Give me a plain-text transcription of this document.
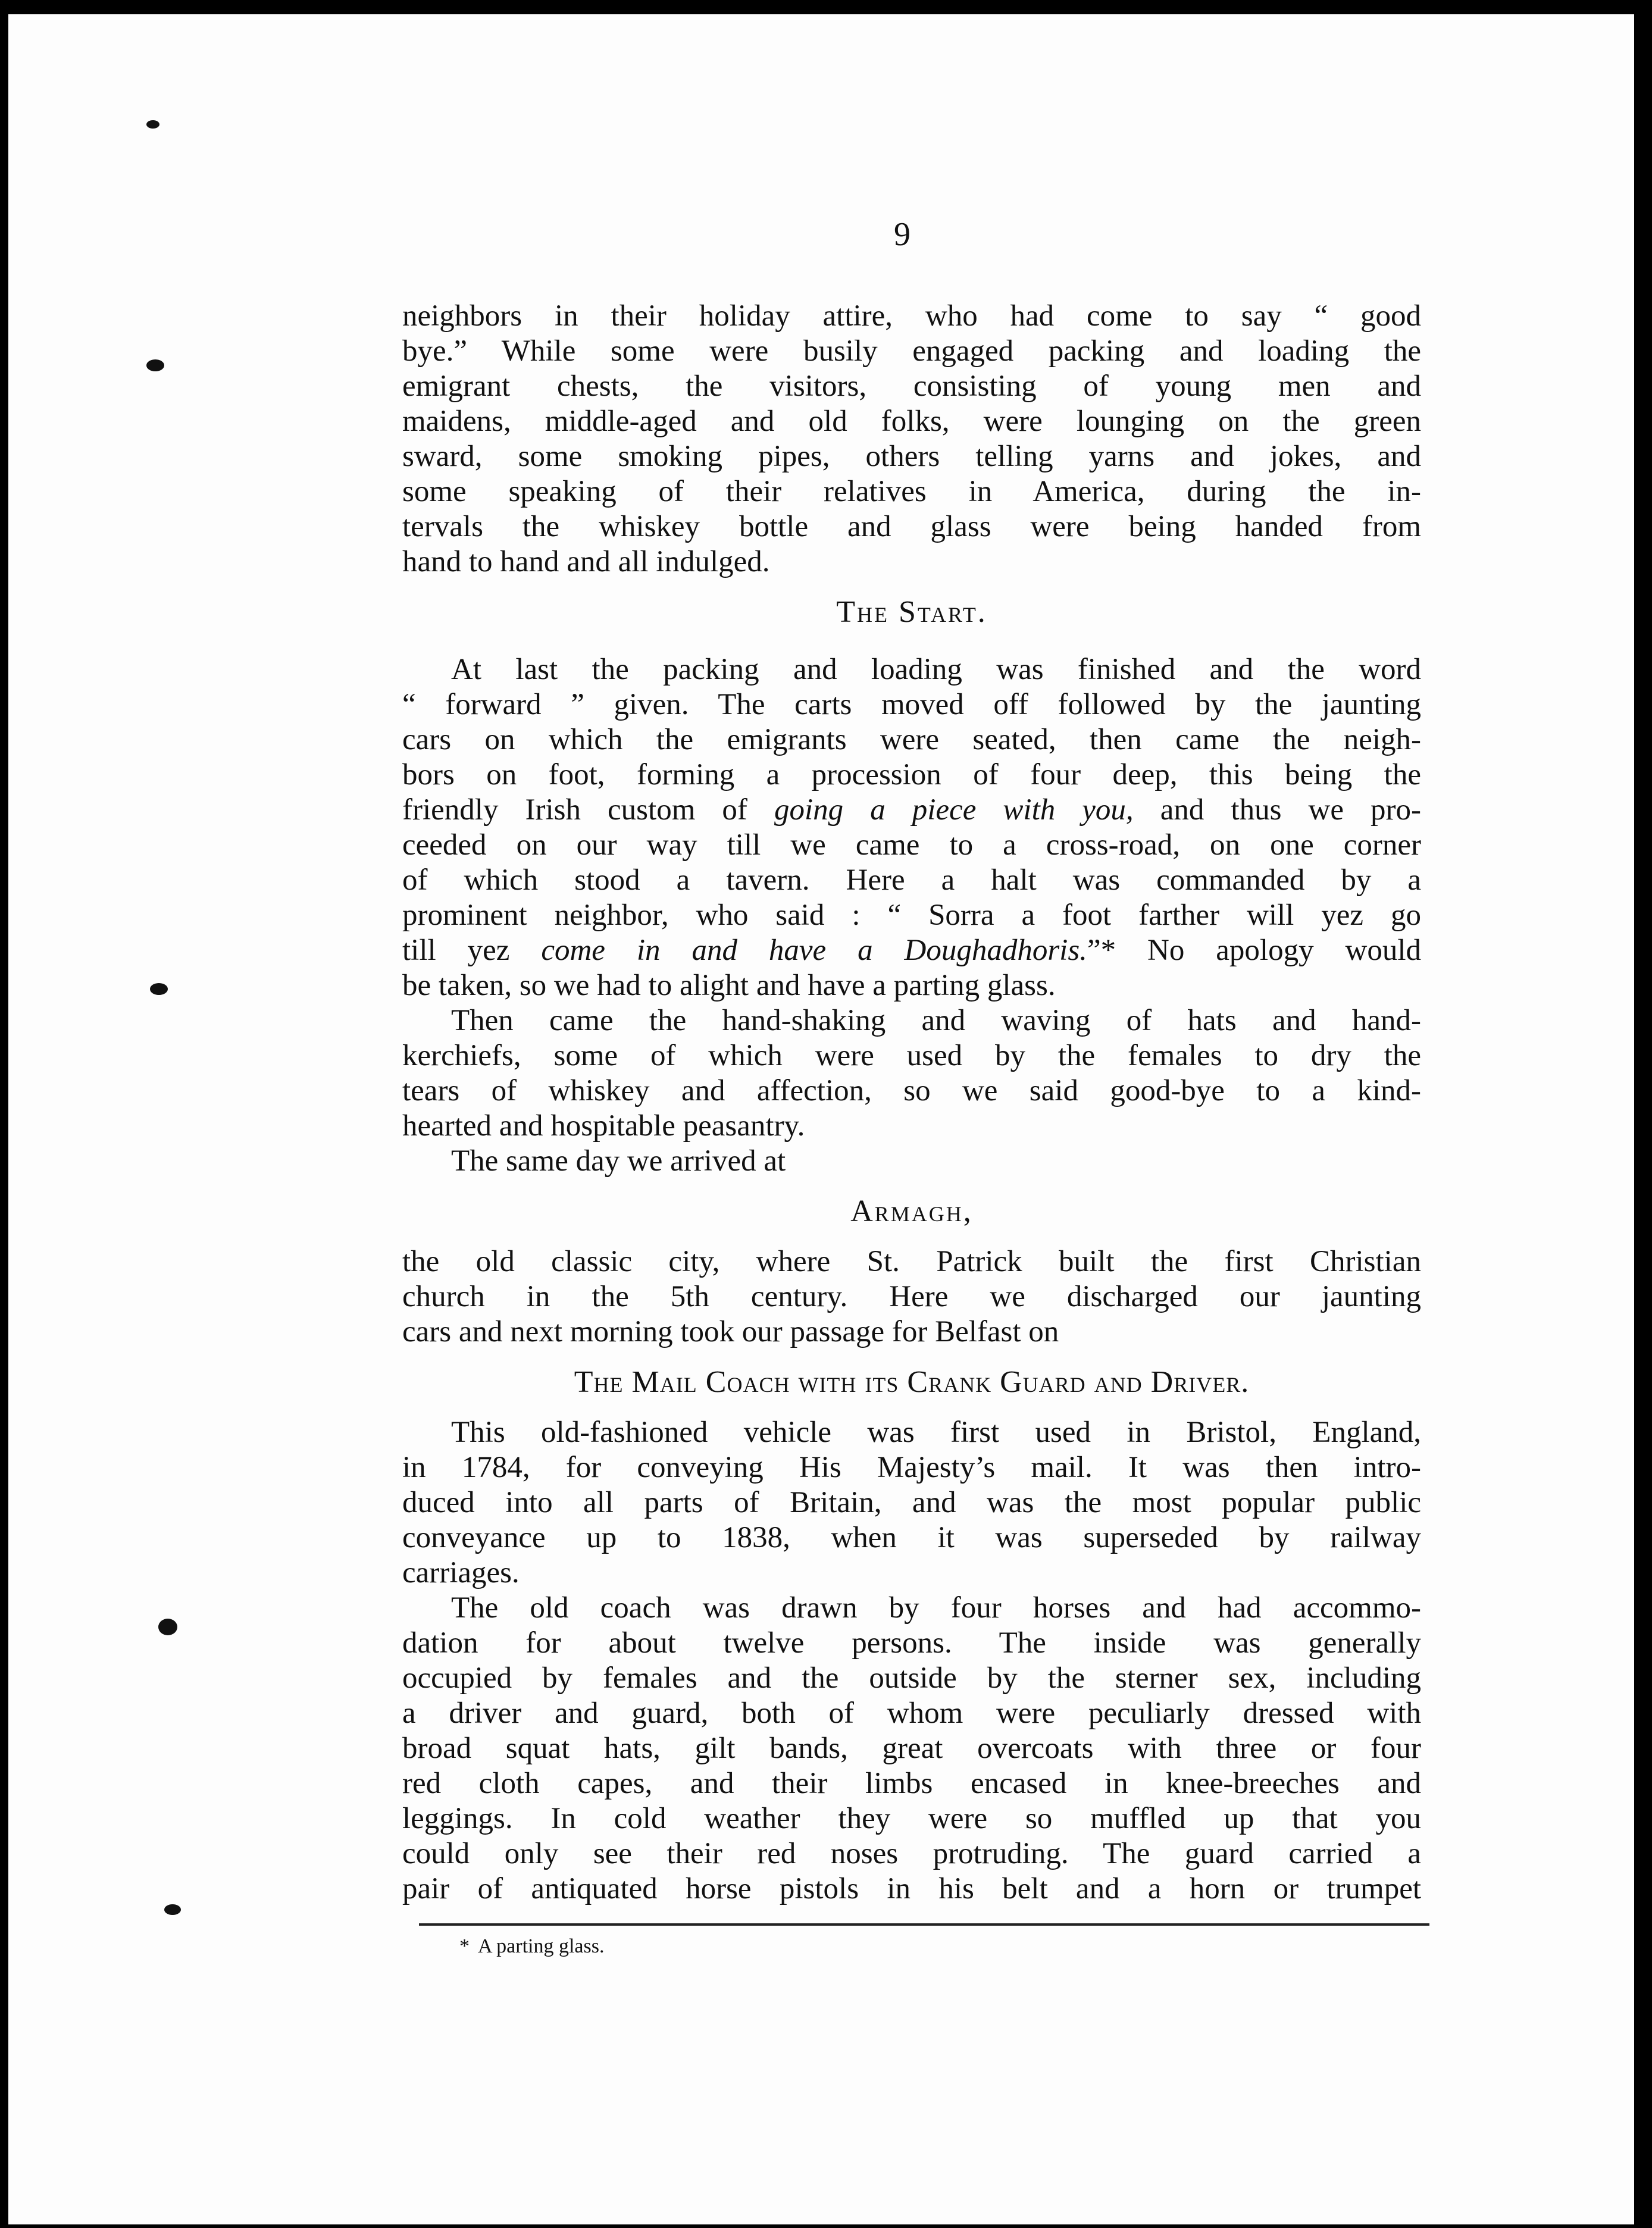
9
neighbors in their holiday attire, who had come to say “ good
bye.” While some were busily engaged packing and loading the
emigrant chests, the visitors, consisting of young men and
maidens, middle-aged and old folks, were lounging on the green
sward, some smoking pipes, others telling yarns and jokes, and
some speaking of their relatives in America, during the in-
tervals the whiskey bottle and glass were being handed from
hand to hand and all indulged.
The Start.
At last the packing and loading was finished and the word
“ forward ” given. The carts moved off followed by the jaunting
cars on which the emigrants were seated, then came the neigh-
bors on foot, forming a procession of four deep, this being the
friendly Irish custom of going a piece with you, and thus we pro-
ceeded on our way till we came to a cross-road, on one corner
of which stood a tavern. Here a halt was commanded by a
prominent neighbor, who said : “ Sorra a foot farther will yez go
till yez come in and have a Doughadhoris.”* No apology would
be taken, so we had to alight and have a parting glass.
Then came the hand-shaking and waving of hats and hand-
kerchiefs, some of which were used by the females to dry the
tears of whiskey and affection, so we said good-bye to a kind-
hearted and hospitable peasantry.
The same day we arrived at
Armagh,
the old classic city, where St. Patrick built the first Christian
church in the 5th century. Here we discharged our jaunting
cars and next morning took our passage for Belfast on
The Mail Coach with its Crank Guard and Driver.
This old-fashioned vehicle was first used in Bristol, England,
in 1784, for conveying His Majesty’s mail. It was then intro-
duced into all parts of Britain, and was the most popular public
conveyance up to 1838, when it was superseded by railway
carriages.
The old coach was drawn by four horses and had accommo-
dation for about twelve persons. The inside was generally
occupied by females and the outside by the sterner sex, including
a driver and guard, both of whom were peculiarly dressed with
broad squat hats, gilt bands, great overcoats with three or four
red cloth capes, and their limbs encased in knee-breeches and
leggings. In cold weather they were so muffled up that you
could only see their red noses protruding. The guard carried a
pair of antiquated horse pistols in his belt and a horn or trumpet
* A parting glass.
